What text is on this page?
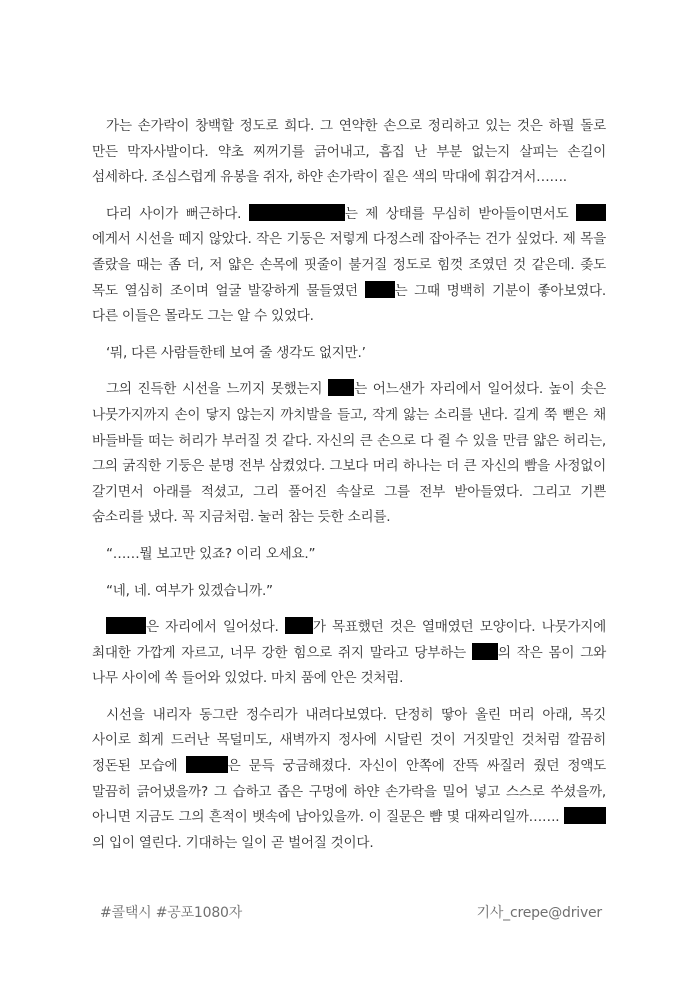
가는 손가락이 창백할 정도로 희다. 그 연약한 손으로 정리하고 있는 것은 하필 돌로 만든 막자사발이다. 약초 찌꺼기를 긁어내고, 흠집 난 부분 없는지 살피는 손길이 섬세하다. 조심스럽게 유봉을 쥐자, 하얀 손가락이 짙은 색의 막대에 휘감겨서…….

다리 사이가 뻐근하다.	는 제 상태를 무심히 받아들이면서도 에게서 시선을 떼지 않았다. 작은 기둥은 저렇게 다정스레 잡아주는 건가 싶었다. 제 목을 졸랐을 때는 좀 더, 저 얇은 손목에 핏줄이 불거질 정도로 힘껏 조였던 것 같은데. 좆도 목도 열심히 조이며 얼굴 발갛하게 물들였던 는 그때 명백히 기분이 좋아보였다. 다른 이들은 몰라도 그는 알 수 있었다.

‘뭐, 다른 사람들한테 보여 줄 생각도 없지만.’

그의 진득한 시선을 느끼지 못했는지 는 어느샌가 자리에서 일어섰다. 높이 솟은 나뭇가지까지 손이 닿지 않는지 까치발을 들고, 작게 앓는 소리를 낸다. 길게 쭉 뻗은 채 바들바들 떠는 허리가 부러질 것 같다. 자신의 큰 손으로 다 쥘 수 있을 만큼 얇은 허리는, 그의 굵직한 기둥은 분명 전부 삼켰었다. 그보다 머리 하나는 더 큰 자신의 빰을 사정없이 갈기면서 아래를 적셨고, 그리 풀어진 속살로 그를 전부 받아들였다. 그리고 기쁜 숨소리를 냈다. 꼭 지금처럼. 눌러 참는 듯한 소리를.

“……뭘 보고만 있죠? 이리 오세요.”

“네, 네. 여부가 있겠습니까.”

은 자리에서 일어섰다. 가 목표했던 것은 열매였던 모양이다. 나뭇가지에 최대한 가깝게 자르고, 너무 강한 힘으로 쥐지 말라고 당부하는 의 작은 몸이 그와 나무 사이에 쏙 들어와 있었다. 마치 품에 안은 것처럼.

시선을 내리자 동그란 정수리가 내려다보였다. 단정히 땋아 올린 머리 아래, 목깃 사이로 희게 드러난 목덜미도, 새벽까지 정사에 시달린 것이 거짓말인 것처럼 깔끔히 정돈된 모습에	은 문득 궁금해졌다. 자신이 안쪽에 잔뜩 싸질러 줬던 정액도 말끔히 긁어냈을까? 그 습하고 좁은 구멍에 하얀 손가락을 밀어 넣고 스스로 쑤셨을까, 아니면 지금도 그의 흔적이 뱃속에 남아있을까. 이 질문은 뺨 몇 대짜리일까……. 의 입이 열린다. 기대하는 일이 곧 벌어질 것이다.

#콜택시 #공포1080자	기사_crepe@driver
